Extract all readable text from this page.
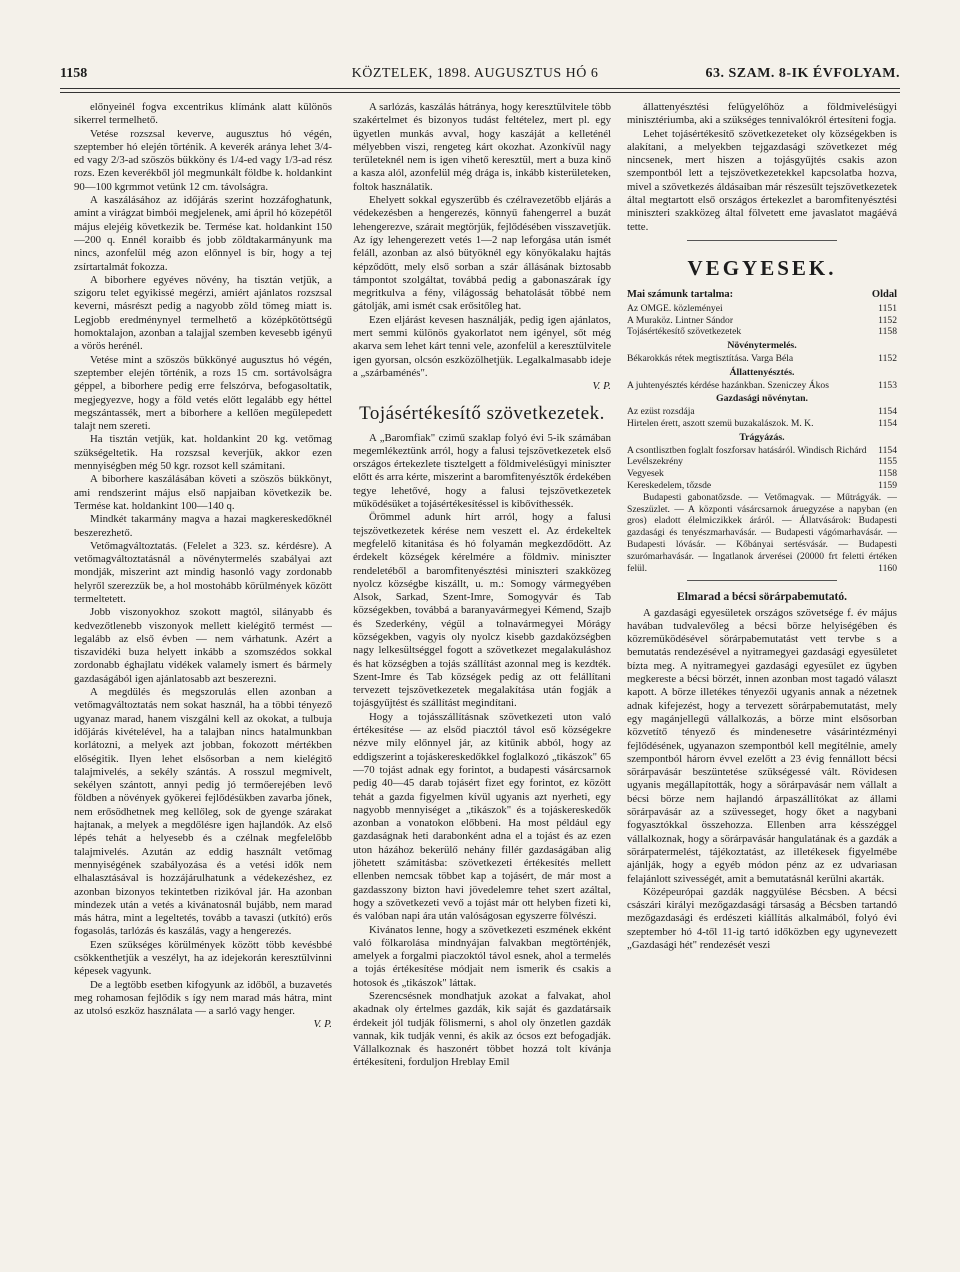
1158	KÖZTELEK, 1898. AUGUSZTUS HÓ 6	63. SZAM. 8-IK ÉVFOLYAM.

előnyeinél fogva excentrikus klímánk alatt különös sikerrel termelhető.

Vetése rozszsal keverve, augusztus hó végén, szeptember hó elején történik. A keverék aránya lehet 3/4-ed vagy 2/3-ad szöszös bükköny és 1/4-ed vagy 1/3-ad rész rozs. Ezen keverékből jól megmunkált földbe k. holdankint 90—100 kgrmmot vetünk 12 cm. távolságra.

A kaszálásához az időjárás szerint hozzáfoghatunk, amint a virágzat bimbói megjelenek, ami ápril hó közepétől május elejéig következik be. Termése kat. holdankint 150—200 q. Ennél koraibb és jobb zöldtakarmányunk ma nincs, azonfelül még azon előnnyel is bír, hogy a tej zsírtartalmát fokozza.

A biborhere egyéves növény, ha tisztán vetjük, a szigoru telet egyikissé megérzi, amiért ajánlatos rozszsal keverni, másrészt pedig a nagyobb zöld tömeg miatt is. Legjobb eredménynyel termelhető a középkötöttségű homoktalajon, azonban a talajjal szemben kevesebb igényű a vörös herénél.

Vetése mint a szöszös bükkönyé augusztus hó végén, szeptember elején történik, a rozs 15 cm. sortávolságra géppel, a biborhere pedig erre felszórva, befogasoltatik, megjegyezve, hogy a föld vetés előtt legalább egy héttel megszántassék, mert a biborhere a kellően megülepedett talajt nem szereti.

Ha tisztán vetjük, kat. holdankint 20 kg. vetőmag szükségeltetik. Ha rozszsal keverjük, akkor ezen mennyiségben még 50 kgr. rozsot kell számitani.

A biborhere kaszálásában követi a szöszös bükkönyt, ami rendszerint május első napjaiban következik be. Termése kat. holdankint 100—140 q.

Mindkét takarmány magva a hazai magkereskedőknél beszerezhető.

Vetőmagváltoztatás. (Felelet a 323. sz. kérdésre). A vetőmagváltoztatásnál a növénytermelés szabályai azt mondják, miszerint azt mindig hasonló vagy zordonabb helyről szerezzük be, a hol mostohább körülmények között termeltetett.

Jobb viszonyokhoz szokott magtól, silányabb és kedvezőtlenebb viszonyok mellett kielégitő termést — legalább az első évben — nem várhatunk. Azért a tiszavidéki buza helyett inkább a szomszédos sokkal zordonabb éghajlatu vidékek valamely ismert és bármely gazdaságából igen ajánlatosabb azt beszerezni.

A megdülés és megszorulás ellen azonban a vetőmagváltoztatás nem sokat használ, ha a többi tényező ugyanaz marad, hanem viszgálni kell az okokat, a tulbuja időjárás kivételével, ha a talajban nincs hatalmunkban korlátozni, a melyek azt jobban, fokozott mértékben előségitik. Ilyen lehet elsősorban a nem kielégitő talajmivelés, a sekély szántás. A rosszul megmivelt, sekélyen szántott, annyi pedig jó termőerejében levő földben a növények gyökerei fejlődésükben zavarba jőnek, nem erősödhetnek meg kellőleg, sok de gyenge szárakat hajtanak, a melyek a megdőlésre igen hajlandók. Az első lépés tehát a helyesebb és a czélnak megfelelőbb talajmivelés. Azután az eddig használt vetőmag mennyiségének szabályozása és a vetési idők nem elhalasztásával is hozzájárulhatunk a védekezéshez, ez azonban bizonyos tekintetben rizikóval jár. Ha azonban mindezek után a vetés a kivánatosnál bujább, nem marad más hátra, mint a legeltetés, tovább a tavaszi (utkító) erős fogasolás, tarlózás és kaszálás, vagy a hengerezés.

Ezen szükséges körülmények között több kevésbbé csökkenthetjük a veszélyt, ha az idejekorán keresztülvinni képesek vagyunk.

De a legtöbb esetben kifogyunk az időből, a buzavetés meg rohamosan fejlődik s így nem marad más hátra, mint az utolsó eszköz használata — a sarló vagy henger.

V. P.

A sarlózás, kaszálás hátránya, hogy keresztülvitele több szakértelmet és bizonyos tudást feltételez, mert pl. egy ügyetlen munkás avval, hogy kaszáját a kelleténél mélyebben viszi, rengeteg kárt okozhat. Azonkívül nagy területeknél nem is igen vihető keresztül, mert a buza kinő a kasza alól, azonfelül még drága is, inkább kisterületeken, foltok használatik.

Ehelyett sokkal egyszerűbb és czélravezetőbb eljárás a védekezésben a hengerezés, könnyű fahengerrel a buzát lehengerezve, szárait megtörjük, fejlődésében visszavetjük. Az így lehengerezett vetés 1—2 nap leforgása után ismét feláll, azonban az alsó bütyöknél egy könyökalaku hajtás képződött, mely első sorban a szár állásának biztosabb támpontot szolgáltat, továbbá pedig a gabonaszárak így megritkulva a fény, világosság behatolását többé nem gátolják, ami ismét csak erősitőleg hat.

Ezen eljárást kevesen használják, pedig igen ajánlatos, mert semmi különös gyakorlatot nem igényel, sőt még akarva sem lehet kárt tenni vele, azonfelül a keresztülvitele igen gyorsan, olcsón eszközölhetjük. Legalkalmasabb ideje a „szárbaménés".

V. P.

Tojásértékesítő szövetkezetek.

A „Baromfiak" czimű szaklap folyó évi 5-ik számában megemlékeztünk arról, hogy a falusi tejszövetkezetek első országos értekezlete tisztelgett a földmivelésügyi miniszter előtt és arra kérte, miszerint a baromfitenyésztők érdekében tegye lehetővé, hogy a falusi tejszövetkezetek működésüket a tojásértékesítéssel is kibővíthessék.

Örömmel adunk hírt arról, hogy a falusi tejszövetkezetek kérése nem veszett el. Az érdekeltek megfelelő kitanitása és hó folyamán megkezdődött. Az érdekelt községek kérelmére a földmiv. miniszter rendeletéből a baromfitenyésztési miniszteri szakközeg nyolcz községbe kiszállt, u. m.: Somogy vármegyében Alsok, Sarkad, Szent-Imre, Somogyvár és Tab községekben, továbbá a baranyavármegyei Kémend, Szajb és Szederkény, végül a tolnavármegyei Mórágy községekben, vagyis oly nyolcz kisebb gazdaközségben nagy lelkesültséggel fogott a szövetkezet megalakuláshoz és hat községben a tojás szállítást azonnal meg is kezdték. Szent-Imre és Tab községek pedig az ott felállítani tervezett tejszövetkezetek megalakítása után fogják a tojásgyűjtést és szállítást megindítani.

Hogy a tojásszállításnak szövetkezeti uton való értékesítése — az elsőd piacztól távol eső községekre nézve mily előnnyel jár, az kitűnik abból, hogy az eddigszerint a tojáskereskedőkkel foglalkozó „tikászok" 65—70 tojást adnak egy forintot, a budapesti vásárcsarnok pedig 40—45 darab tojásért fizet egy forintot, ez között tehát a gazda figyelmen kívül ugyanis azt nyerheti, egy nagyobb mennyiséget a „tikászok" és a tojáskereskedők azonban a vonatokon előbbeni. Ha most például egy gazdaságnak heti darabonként adna el a tojást és az ezen uton házához bekerülő nehány fillér gazdaságában alig jöhetett számitásba: szövetkezeti értékesítés mellett ellenben nemcsak többet kap a tojásért, de már most a gazdasszony bizton havi jövedelemre tehet szert azáltal, hogy a szövetkezeti vevő a tojást már ott helyben fizeti ki, és valóban napi ára után valóságosan egyszerre fölvészi.

Kivánatos lenne, hogy a szövetkezeti eszmének ekként való fölkarolása mindnyájan falvakban megtörténjék, amelyek a forgalmi piaczoktól távol esnek, ahol a termelés a tojás értékesítése módjait nem ismerik és csakis a hotosok és „tikászok" láttak.

Szerencsésnek mondhatjuk azokat a falvakat, ahol akadnak oly értelmes gazdák, kik saját és gazdatársaik érdekeit jól tudják fölismerni, s ahol oly önzetlen gazdák vannak, kik tudják venni, és akik az ócsos ezt befogadják. Vállalkoznak és haszonért többet hozzá tolt kívánja értékesíteni, forduljon Hreblay Emil

állattenyésztési felügyelőhöz a földmivelésügyi minisztériumba, aki a szükséges tennivalókról értesíteni fogja.

Lehet tojásértékesítő szövetkezeteket oly községekben is alakítani, a melyekben tejgazdasági szövetkezet még nincsenek, mert hiszen a tojásgyűjtés csakis azon szempontból lett a tejszövetkezetekkel kapcsolatba hozva, mivel a szövetkezés áldásaiban már részesült tejszövetkezetek által megtartott első országos értekezlet a baromfitenyésztési miniszteri szakközeg által fölvetett eme javaslatot magáévá tette.

VEGYESEK.
Mai számunk tartalma:	Oldal
Az OMGE. közleményei	1151
A Muraköz. Lintner Sándor	1152
Tojásértékesítő szövetkezetek	1158
Növénytermelés.
Békarokkás rétek megtisztítása. Varga Béla	1152
Állattenyésztés.
A juhtenyésztés kérdése hazánkban. Szeniczey Ákos	1153
Gazdasági növénytan.
Az ezüst rozsdája	1154
Hirtelen érett, aszott szemü buzakalászok. M. K.	1154
Trágyázás.
A csontlisztben foglalt foszforsav hatásáról. Windisch Richárd	1154
Levélszekrény	1155
Vegyesek	1158
Kereskedelem, tőzsde	1159

Budapesti gabonatőzsde. — Vetőmagvak. — Műtrágyák. — Szeszüzlet. — A központi vásárcsarnok áruegyzése a napyban (en gros) eladott élelmiczikkek áráról. — Állatvásárok: Budapesti gazdasági és tenyészmarhavásár. — Budapesti vágómarhavásár. — Budapesti lóvásár. — Kőbányai sertésvásár. — Budapesti szurómarhavásár. — Ingatlanok árverései (20000 frt feletti értéken felül.	1160

Elmarad a bécsi sörárpabemutató.

A gazdasági egyesületek országos szövetsége f. év május havában tudvalevőleg a bécsi börze helyiségében és közremüködésével sörárpabemutatást vett tervbe s a bemutatás rendezésével a nyitramegyei gazdasági egyesületet bízta meg. A nyitramegyei gazdasági egyesület ez ügyben megkereste a bécsi börzét, innen azonban most tagadó választ kapott. A börze illetékes tényezői ugyanis annak a nézetnek adnak kifejezést, hogy a tervezett sörárpabemutatást, mely egy magánjellegű vállalkozás, a börze mint elsősorban közvetítő tényező és mindenesetre vásárintézményi fejlődésének, ugyanazon szempontból kell megítélnie, amely szempontból hárorn évvel ezelőtt a 23 évig fennállott bécsi sörárpavásár beszüntetése szükségessé vált. Rövidesen ugyanis megállapították, hogy a sörárpavásár nem vállalt a bécsi börze nem hajlandó árpaszállítókat az állami sörárpavásár az a szüvesseget, hogy őket a nagybani fogyasztókkal összehozza. Ellenben arra késszéggel vállalkoznak, hogy a sörárpavásár hangulatának és a gazdák a sörárpatermelést, tájékoztatást, az illetékesek figyelmébe ajánlják, hogy a egyéb módon pénz az ez udvariasan felajánlott szivességét, amit a bemutatásnál kerülni akarták.

Középeurópai gazdák naggyülése Bécsben. A bécsi császári királyi mezőgazdasági társaság a Bécsben tartandó mezőgazdasági és erdészeti kiállítás alkalmából, folyó évi szeptember hó 4-től 11-ig tartó időközben egy ugynevezett „Gazdasági hét" rendezését veszi
